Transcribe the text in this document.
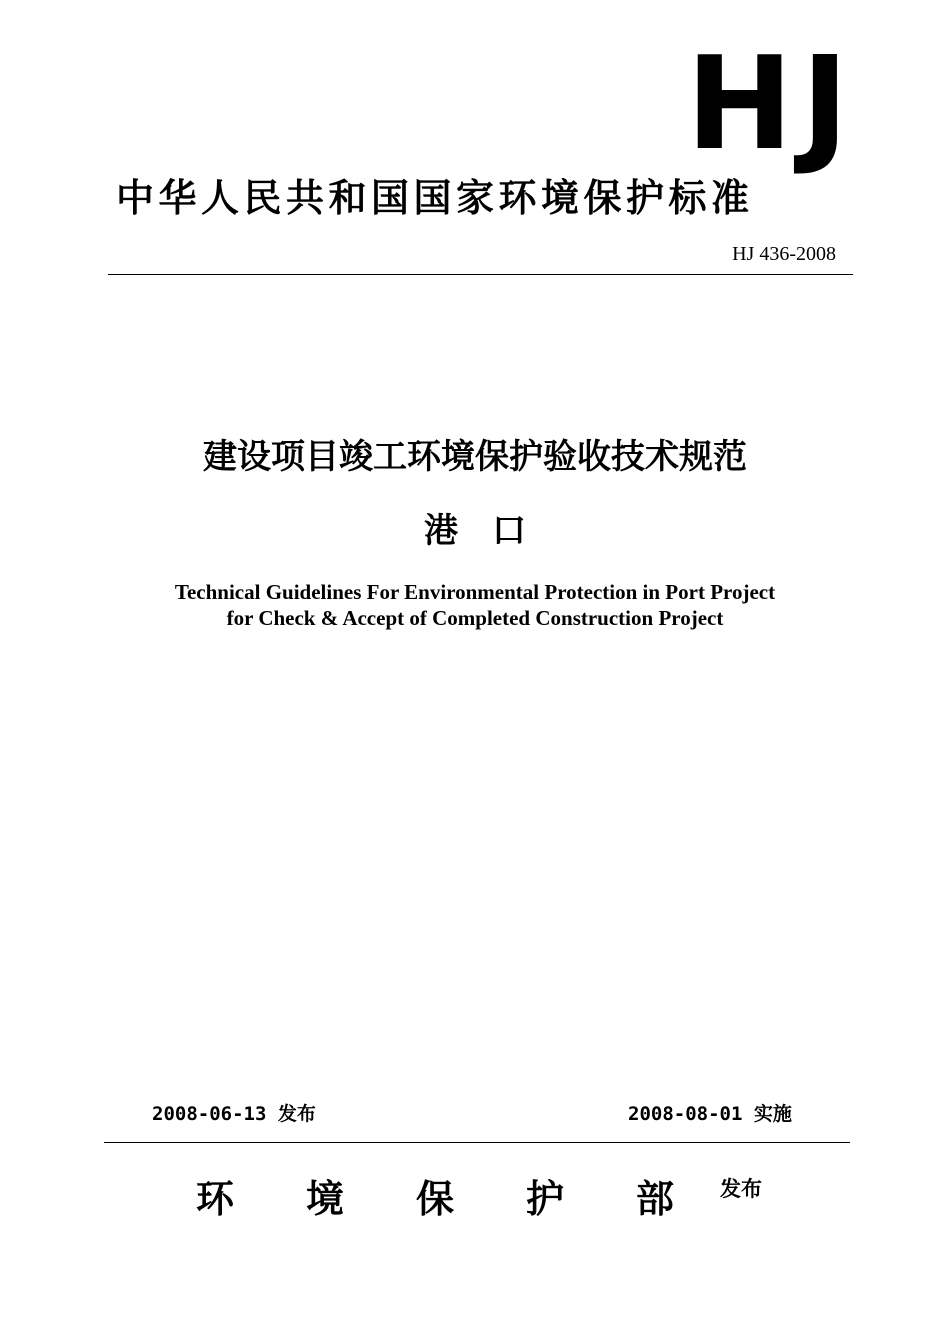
HJ
中华人民共和国国家环境保护标准
HJ 436-2008
建设项目竣工环境保护验收技术规范
港　口
Technical Guidelines For Environmental Protection in Port Project
for Check & Accept of Completed Construction Project
2008-06-13 发布	2008-08-01 实施
环	境	保	护	部	发布
